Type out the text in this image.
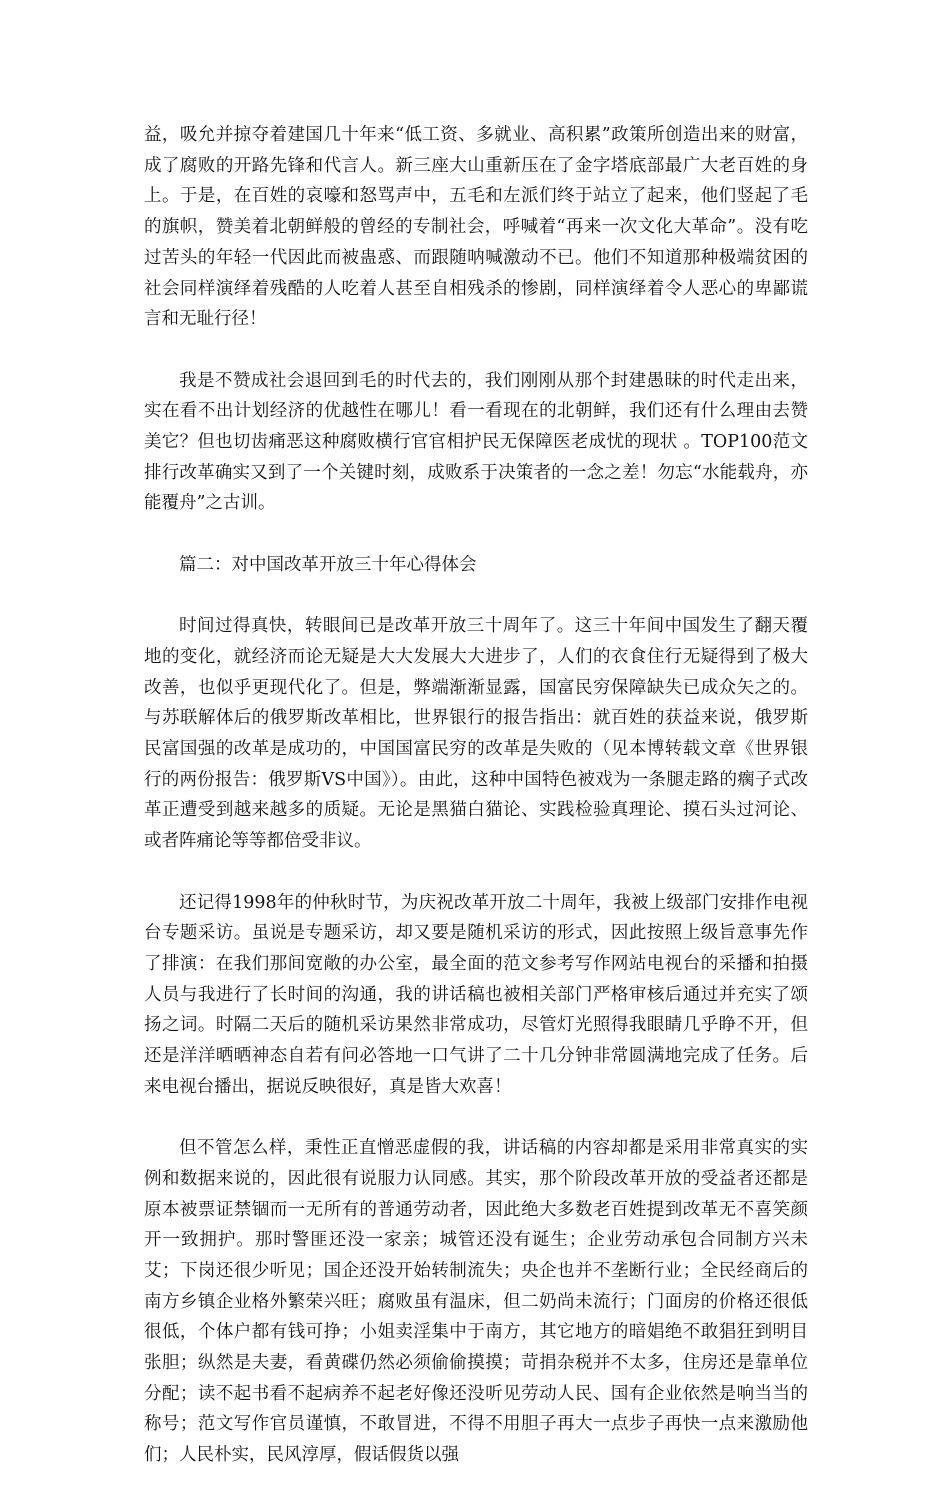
益，吸允并掠夺着建国几十年来“低工资、多就业、高积累”政策所创造出来的财富，成了腐败的开路先锋和代言人。新三座大山重新压在了金字塔底部最广大老百姓的身上。于是，在百姓的哀嚎和怒骂声中，五毛和左派们终于站立了起来，他们竖起了毛的旗帜，赞美着北朝鲜般的曾经的专制社会，呼喊着“再来一次文化大革命”。没有吃过苦头的年轻一代因此而被蛊惑、而跟随呐喊激动不已。他们不知道那种极端贫困的社会同样演绎着残酷的人吃着人甚至自相残杀的惨剧，同样演绎着令人恶心的卑鄙谎言和无耻行径！

我是不赞成社会退回到毛的时代去的，我们刚刚从那个封建愚昧的时代走出来，实在看不出计划经济的优越性在哪儿！看一看现在的北朝鲜，我们还有什么理由去赞美它？但也切齿痛恶这种腐败横行官官相护民无保障医老成忧的现状 。TOP100范文排行改革确实又到了一个关键时刻，成败系于决策者的一念之差！勿忘“水能载舟，亦能覆舟”之古训。

篇二：对中国改革开放三十年心得体会

时间过得真快，转眼间已是改革开放三十周年了。这三十年间中国发生了翻天覆地的变化，就经济而论无疑是大大发展大大进步了，人们的衣食住行无疑得到了极大改善，也似乎更现代化了。但是，弊端渐渐显露，国富民穷保障缺失已成众矢之的。与苏联解体后的俄罗斯改革相比，世界银行的报告指出：就百姓的获益来说，俄罗斯民富国强的改革是成功的，中国国富民穷的改革是失败的（见本博转载文章《世界银行的两份报告：俄罗斯VS中国》）。由此，这种中国特色被戏为一条腿走路的瘸子式改革正遭受到越来越多的质疑。无论是黑猫白猫论、实践检验真理论、摸石头过河论、或者阵痛论等等都倍受非议。

还记得1998年的仲秋时节，为庆祝改革开放二十周年，我被上级部门安排作电视台专题采访。虽说是专题采访，却又要是随机采访的形式，因此按照上级旨意事先作了排演：在我们那间宽敞的办公室，最全面的范文参考写作网站电视台的采播和拍摄人员与我进行了长时间的沟通，我的讲话稿也被相关部门严格审核后通过并充实了颂扬之词。时隔二天后的随机采访果然非常成功，尽管灯光照得我眼睛几乎睁不开，但还是洋洋晒晒神态自若有问必答地一口气讲了二十几分钟非常圆满地完成了任务。后来电视台播出，据说反映很好，真是皆大欢喜！

但不管怎么样，秉性正直憎恶虚假的我，讲话稿的内容却都是采用非常真实的实例和数据来说的，因此很有说服力认同感。其实，那个阶段改革开放的受益者还都是原本被票证禁锢而一无所有的普通劳动者，因此绝大多数老百姓提到改革无不喜笑颜开一致拥护。那时警匪还没一家亲；城管还没有诞生；企业劳动承包合同制方兴未艾；下岗还很少听见；国企还没开始转制流失；央企也并不垄断行业；全民经商后的南方乡镇企业格外繁荣兴旺；腐败虽有温床，但二奶尚未流行；门面房的价格还很低很低，个体户都有钱可挣；小姐卖淫集中于南方，其它地方的暗娼绝不敢猖狂到明目张胆；纵然是夫妻，看黄碟仍然必须偷偷摸摸；苛捐杂税并不太多，住房还是靠单位分配；读不起书看不起病养不起老好像还没听见劳动人民、国有企业依然是响当当的称号；范文写作官员谨慎，不敢冒进，不得不用胆子再大一点步子再快一点来激励他们；人民朴实，民风淳厚，假话假货以强
